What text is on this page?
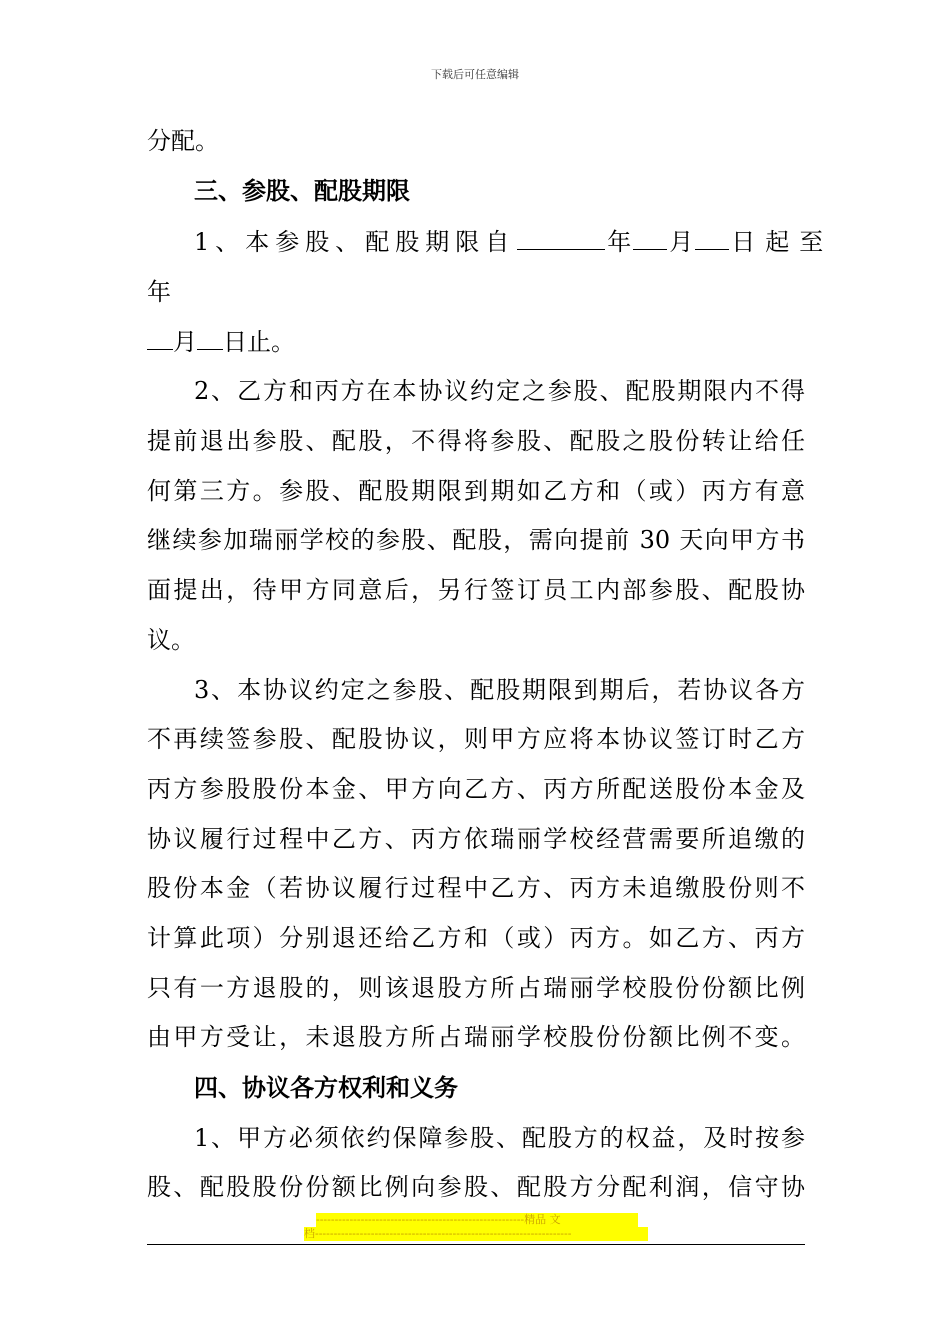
下载后可任意编辑
分配。
三、参股、配股期限
1、本参股、配股期限自	年 月 日起至
年
月 日止。
2、乙方和丙方在本协议约定之参股、配股期限内不得
提前退出参股、配股，不得将参股、配股之股份转让给任
何第三方。参股、配股期限到期如乙方和（或）丙方有意
继续参加瑞丽学校的参股、配股，需向提前 30 天向甲方书
面提出，待甲方同意后，另行签订员工内部参股、配股协
议。
3、本协议约定之参股、配股期限到期后，若协议各方
不再续签参股、配股协议，则甲方应将本协议签订时乙方
丙方参股股份本金、甲方向乙方、丙方所配送股份本金及
协议履行过程中乙方、丙方依瑞丽学校经营需要所追缴的
股份本金（若协议履行过程中乙方、丙方未追缴股份则不
计算此项）分别退还给乙方和（或）丙方。如乙方、丙方
只有一方退股的，则该退股方所占瑞丽学校股份份额比例
由甲方受让，未退股方所占瑞丽学校股份份额比例不变。
四、协议各方权利和义务
1、甲方必须依约保障参股、配股方的权益，及时按参
股、配股股份份额比例向参股、配股方分配利润，信守协
--------------------------------------------------------精品 文
档---------------------------------------------------------------------
